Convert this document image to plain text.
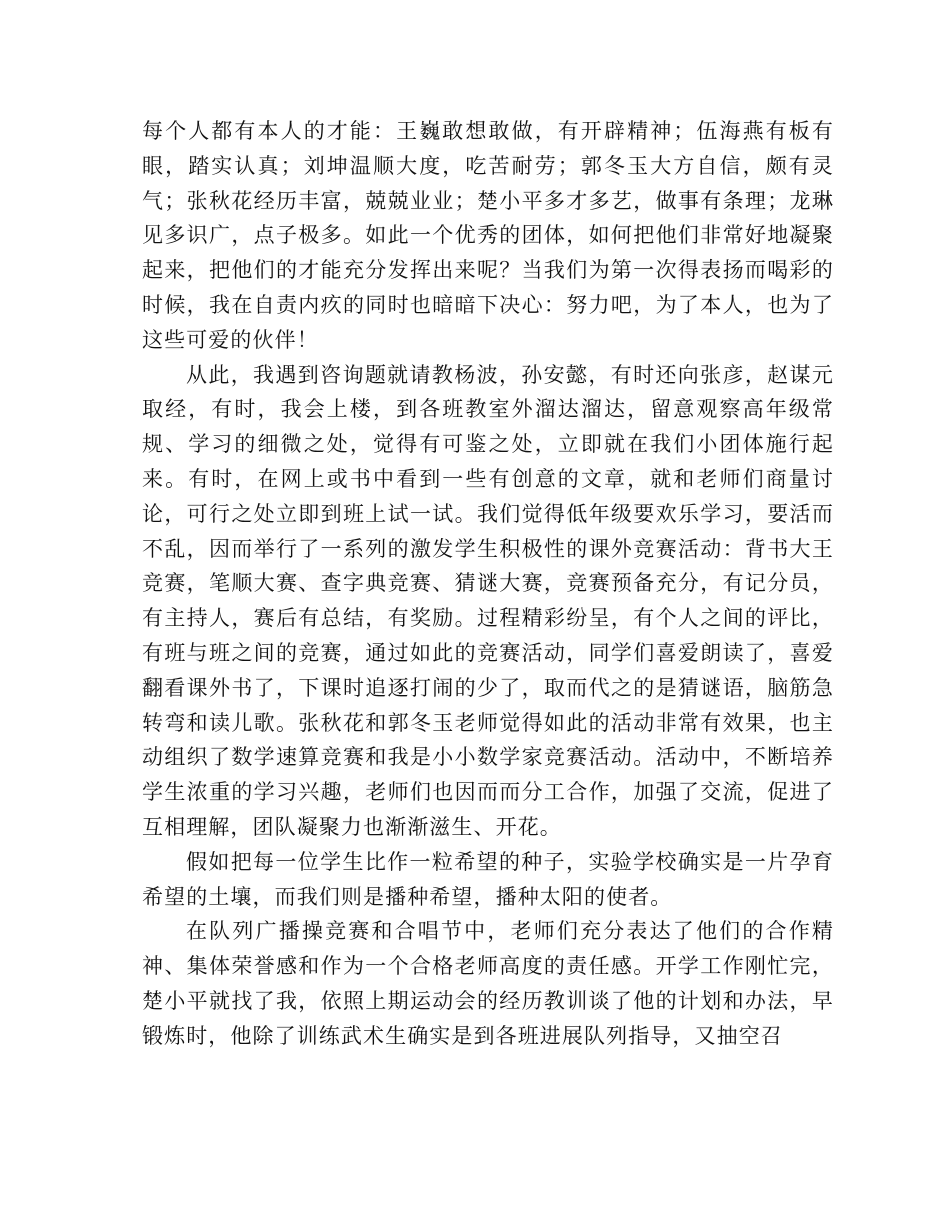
每个人都有本人的才能：王巍敢想敢做，有开辟精神；伍海燕有板有眼，踏实认真；刘坤温顺大度，吃苦耐劳；郭冬玉大方自信，颇有灵气；张秋花经历丰富，兢兢业业；楚小平多才多艺，做事有条理；龙琳见多识广，点子极多。如此一个优秀的团体，如何把他们非常好地凝聚起来，把他们的才能充分发挥出来呢？当我们为第一次得表扬而喝彩的时候，我在自责内疚的同时也暗暗下决心：努力吧，为了本人，也为了这些可爱的伙伴！

从此，我遇到咨询题就请教杨波，孙安懿，有时还向张彦，赵谋元取经，有时，我会上楼，到各班教室外溜达溜达，留意观察高年级常规、学习的细微之处，觉得有可鉴之处，立即就在我们小团体施行起来。有时，在网上或书中看到一些有创意的文章，就和老师们商量讨论，可行之处立即到班上试一试。我们觉得低年级要欢乐学习，要活而不乱，因而举行了一系列的激发学生积极性的课外竞赛活动：背书大王竞赛，笔顺大赛、查字典竞赛、猜谜大赛，竞赛预备充分，有记分员，有主持人，赛后有总结，有奖励。过程精彩纷呈，有个人之间的评比，有班与班之间的竞赛，通过如此的竞赛活动，同学们喜爱朗读了，喜爱翻看课外书了，下课时追逐打闹的少了，取而代之的是猜谜语，脑筋急转弯和读儿歌。张秋花和郭冬玉老师觉得如此的活动非常有效果，也主动组织了数学速算竞赛和我是小小数学家竞赛活动。活动中，不断培养学生浓重的学习兴趣，老师们也因而而分工合作，加强了交流，促进了互相理解，团队凝聚力也渐渐滋生、开花。

假如把每一位学生比作一粒希望的种子，实验学校确实是一片孕育希望的土壤，而我们则是播种希望，播种太阳的使者。

在队列广播操竞赛和合唱节中，老师们充分表达了他们的合作精神、集体荣誉感和作为一个合格老师高度的责任感。开学工作刚忙完，楚小平就找了我，依照上期运动会的经历教训谈了他的计划和办法，早锻炼时，他除了训练武术生确实是到各班进展队列指导，又抽空召
